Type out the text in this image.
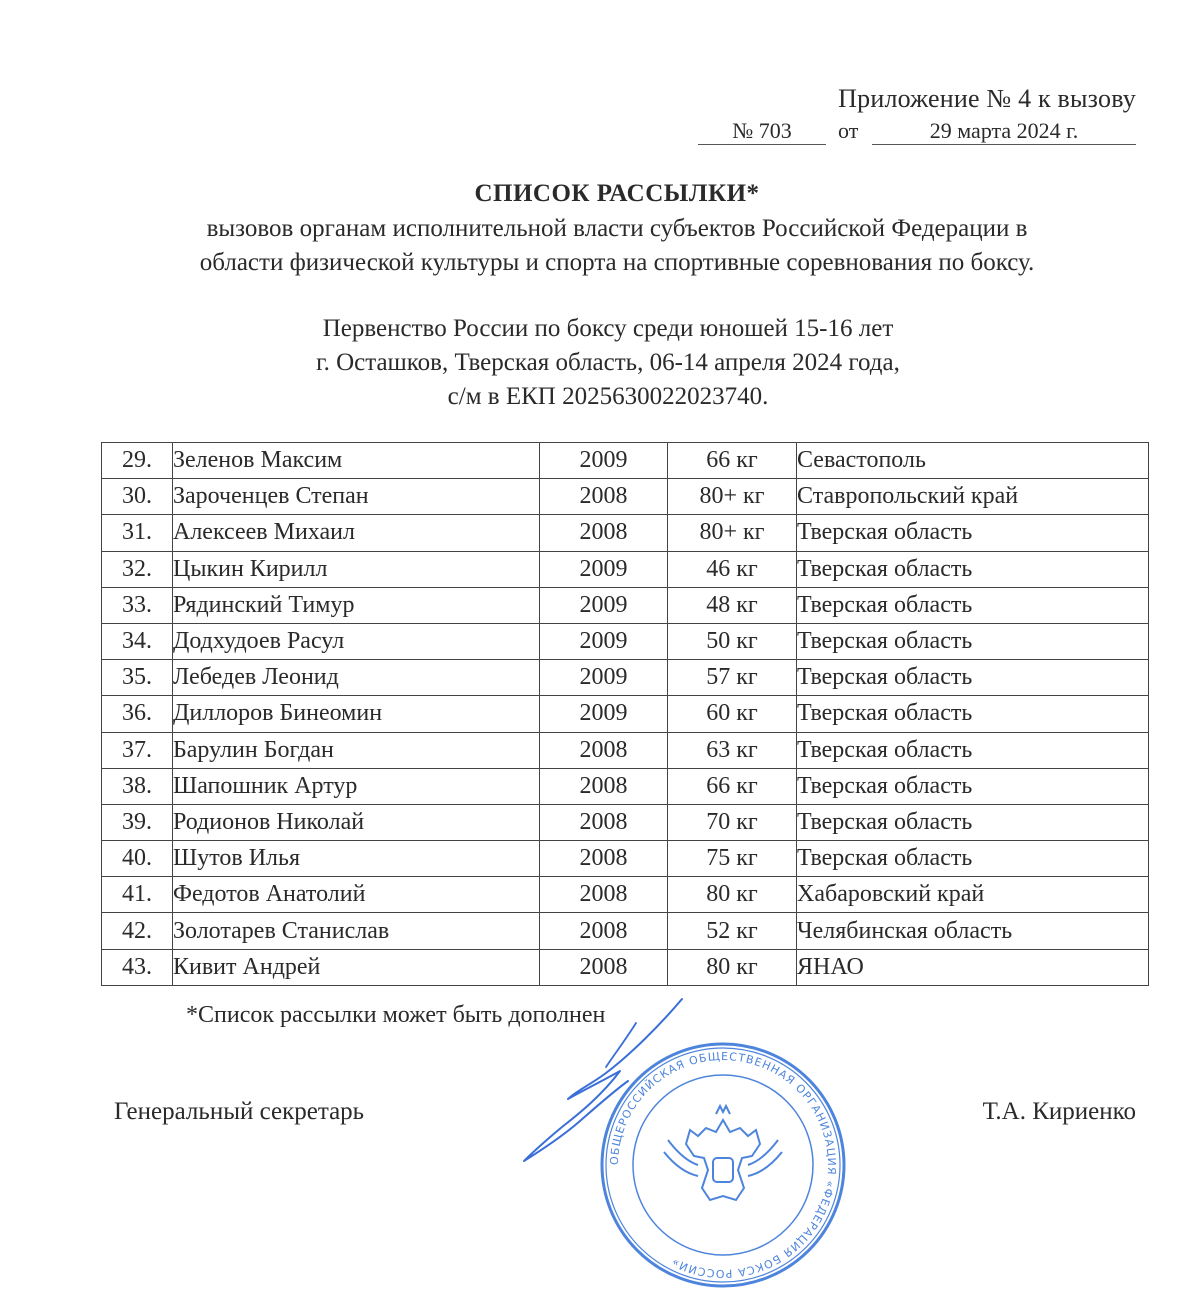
Приложение № 4 к вызову
№ 703	от	29 марта 2024 г.
СПИСОК РАССЫЛКИ*
вызовов органам исполнительной власти субъектов Российской Федерации в
области физической культуры и спорта на спортивные соревнования по боксу.
Первенство России по боксу среди юношей 15-16 лет
г. Осташков, Тверская область, 06-14 апреля 2024 года,
с/м в ЕКП 2025630022023740.
29.	Зеленов Максим	2009	66 кг	Севастополь
30.	Зароченцев Степан	2008	80+ кг	Ставропольский край
31.	Алексеев Михаил	2008	80+ кг	Тверская область
32.	Цыкин Кирилл	2009	46 кг	Тверская область
33.	Рядинский Тимур	2009	48 кг	Тверская область
34.	Додхудоев Расул	2009	50 кг	Тверская область
35.	Лебедев Леонид	2009	57 кг	Тверская область
36.	Диллоров Бинеомин	2009	60 кг	Тверская область
37.	Барулин Богдан	2008	63 кг	Тверская область
38.	Шапошник Артур	2008	66 кг	Тверская область
39.	Родионов Николай	2008	70 кг	Тверская область
40.	Шутов Илья	2008	75 кг	Тверская область
41.	Федотов Анатолий	2008	80 кг	Хабаровский край
42.	Золотарев Станислав	2008	52 кг	Челябинская область
43.	Кивит Андрей	2008	80 кг	ЯНАО
*Список рассылки может быть дополнен
Генеральный секретарь	Т.А. Кириенко
ОБЩЕРОССИЙСКАЯ ОБЩЕСТВЕННАЯ ОРГАНИЗАЦИЯ «ФЕДЕРАЦИЯ БОКСА РОССИИ»
